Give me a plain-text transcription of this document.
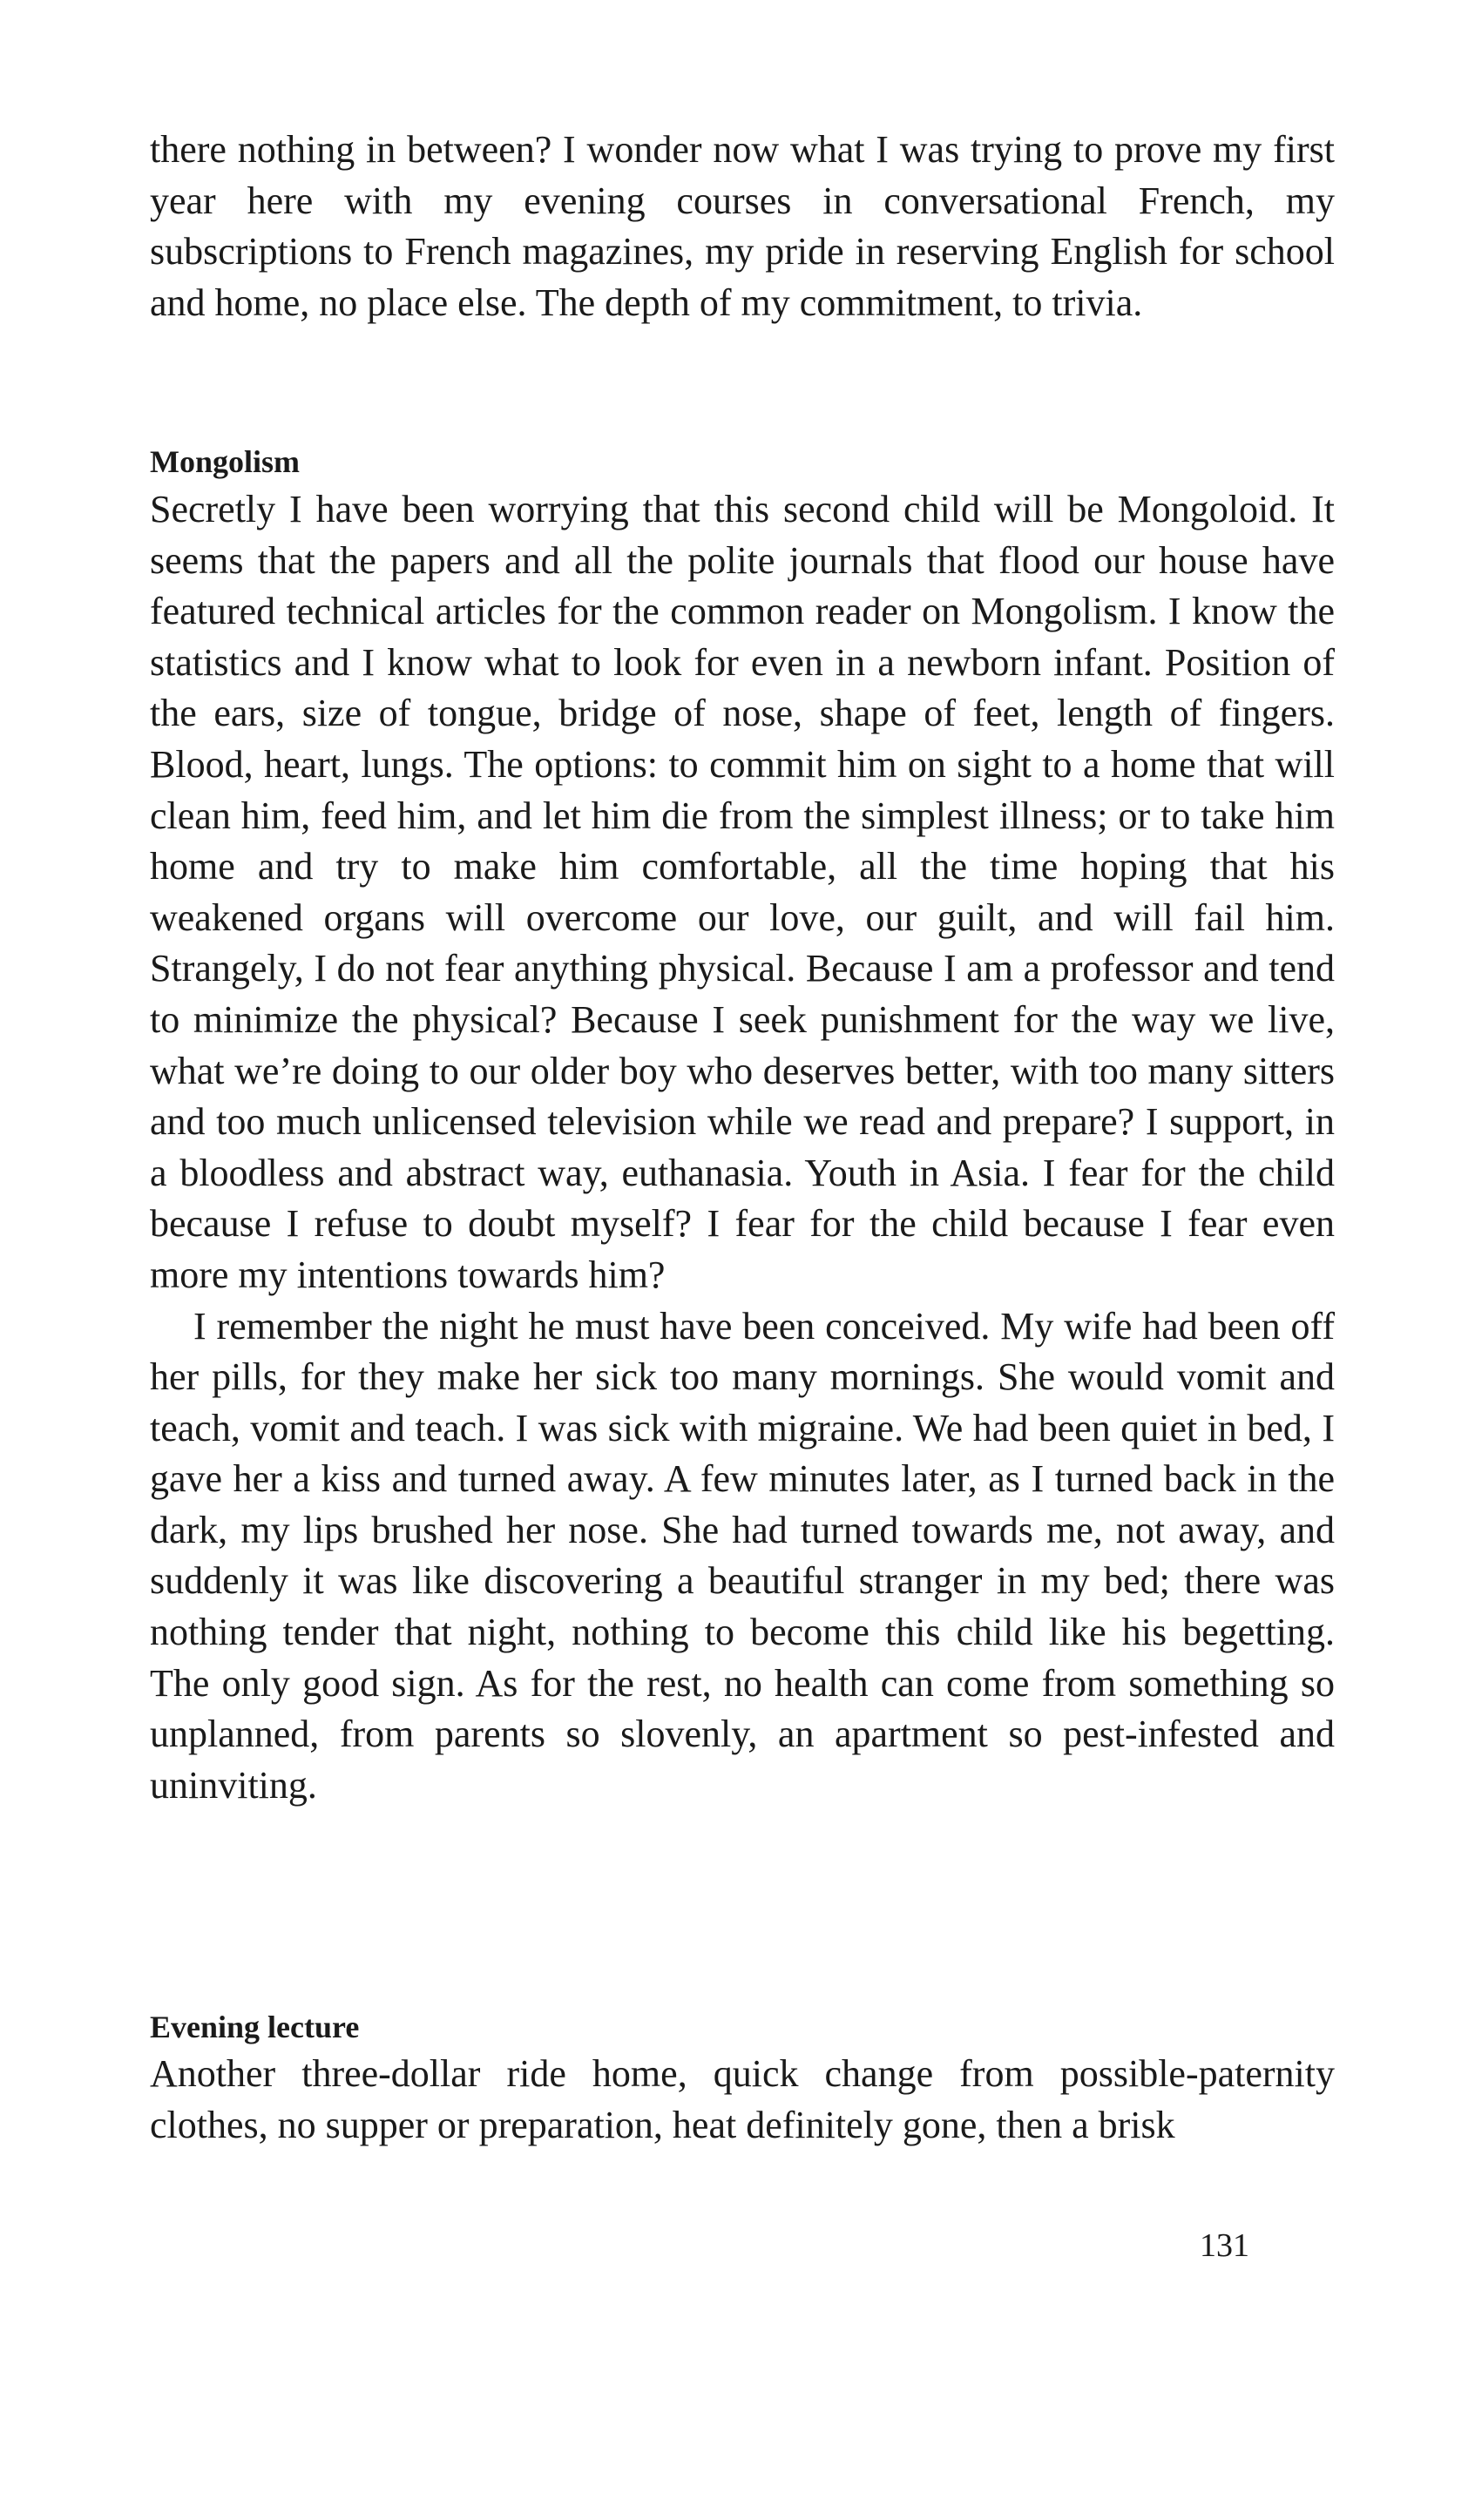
there nothing in between? I wonder now what I was trying to prove my first year here with my evening courses in conversational French, my subscriptions to French magazines, my pride in reserving English for school and home, no place else. The depth of my commitment, to trivia.

Mongolism

Secretly I have been worrying that this second child will be Mongoloid. It seems that the papers and all the polite journals that flood our house have featured technical articles for the common reader on Mongolism. I know the statistics and I know what to look for even in a newborn infant. Position of the ears, size of tongue, bridge of nose, shape of feet, length of fingers. Blood, heart, lungs. The options: to commit him on sight to a home that will clean him, feed him, and let him die from the simplest illness; or to take him home and try to make him comfortable, all the time hoping that his weakened organs will overcome our love, our guilt, and will fail him. Strangely, I do not fear anything physical. Because I am a professor and tend to minimize the physical? Because I seek punishment for the way we live, what we’re doing to our older boy who deserves better, with too many sitters and too much unlicensed television while we read and prepare? I support, in a bloodless and abstract way, euthanasia. Youth in Asia. I fear for the child because I refuse to doubt myself? I fear for the child because I fear even more my intentions towards him?

I remember the night he must have been conceived. My wife had been off her pills, for they make her sick too many mornings. She would vomit and teach, vomit and teach. I was sick with migraine. We had been quiet in bed, I gave her a kiss and turned away. A few minutes later, as I turned back in the dark, my lips brushed her nose. She had turned towards me, not away, and suddenly it was like discovering a beautiful stranger in my bed; there was nothing tender that night, nothing to become this child like his begetting. The only good sign. As for the rest, no health can come from something so unplanned, from parents so slovenly, an apartment so pest-infested and uninviting.

Evening lecture

Another three-dollar ride home, quick change from possible-paternity clothes, no supper or preparation, heat definitely gone, then a brisk

131
